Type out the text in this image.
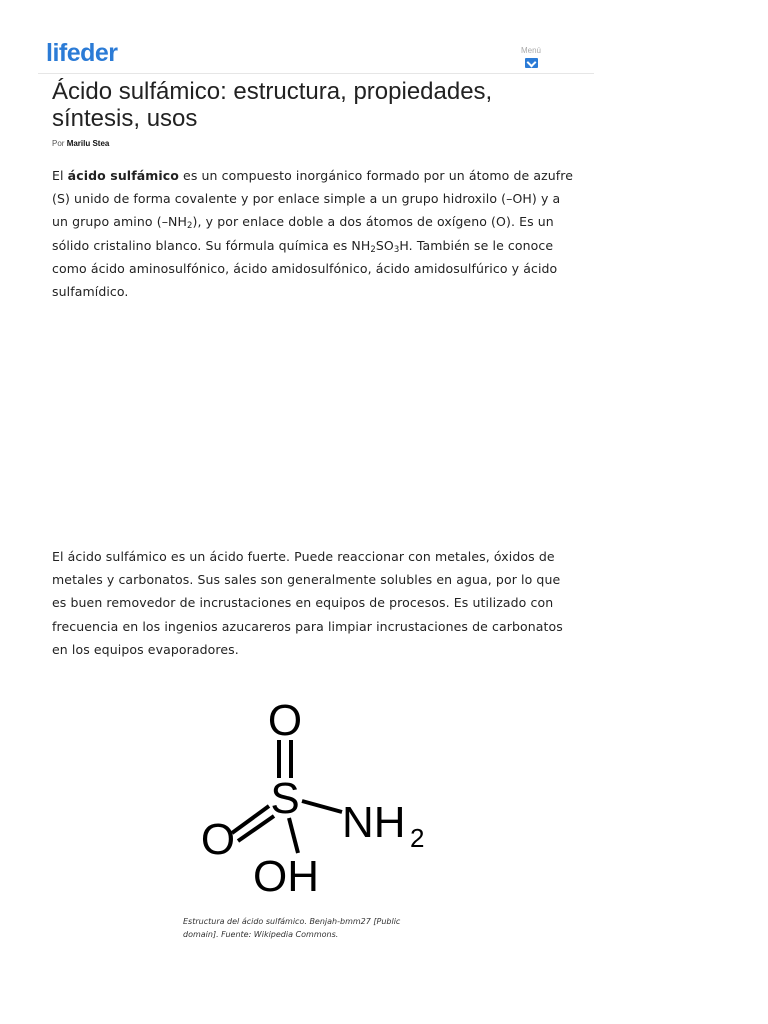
lifeder	Menú
Ácido sulfámico: estructura, propiedades, síntesis, usos
Por Marilu Stea

El ácido sulfámico es un compuesto inorgánico formado por un átomo de azufre (S) unido de forma covalente y por enlace simple a un grupo hidroxilo (–OH) y a un grupo amino $(-NH_2)$, y por enlace doble a dos átomos de oxígeno (O). Es un sólido cristalino blanco. Su fórmula química es $NH_2SO_3H$. También se le conoce como ácido aminosulfónico, ácido amidosulfónico, ácido amidosulfúrico y ácido sulfamídico.

El ácido sulfámico es un ácido fuerte. Puede reaccionar con metales, óxidos de metales y carbonatos. Sus sales son generalmente solubles en agua, por lo que es buen removedor de incrustaciones en equipos de procesos. Es utilizado con frecuencia en los ingenios azucareros para limpiar incrustaciones de carbonatos en los equipos evaporadores.

O
S
O NH 2
OH
Estructura del ácido sulfámico. Benjah-bmm27 [Public domain]. Fuente: Wikipedia Commons.
